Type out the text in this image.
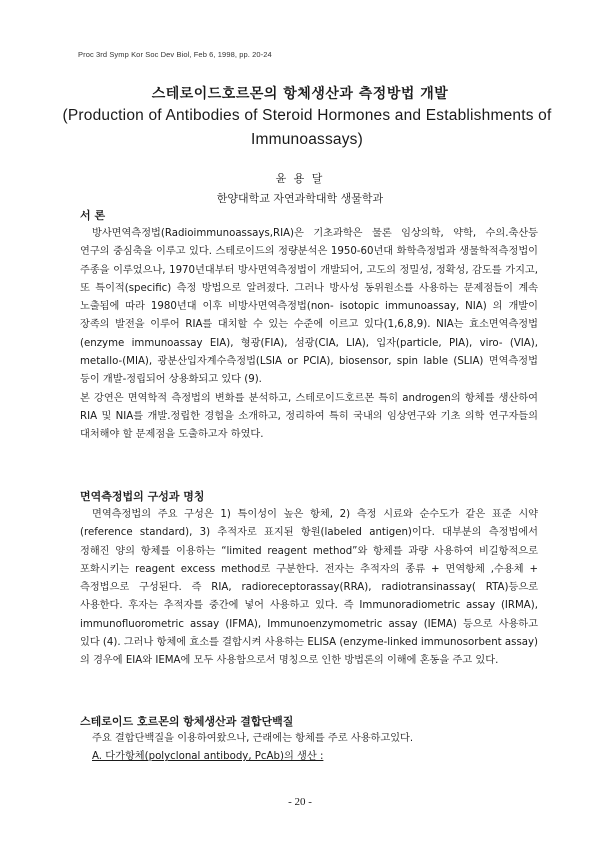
Proc 3rd Symp Kor Soc Dev Biol, Feb 6, 1998, pp. 20-24
스테로이드호르몬의 항체생산과 측정방법 개발
(Production of Antibodies of Steroid Hormones and Establishments of Immunoassays)
윤 용 달
한양대학교 자연과학대학 생물학과
서 론

방사면역측정법(Radioimmunoassays,RIA)은 기초과학은 물론 임상의학, 약학, 수의.축산등 연구의 중심축을 이루고 있다. 스테로이드의 정량분석은 1950-60년대 화학측정법과 생물학적측정법이 주종을 이루었으나, 1970년대부터 방사면역측정법이 개발되어, 고도의 정밀성, 정확성, 감도를 가지고, 또 특이적(specific) 측정 방법으로 알려졌다. 그러나 방사성 동위원소를 사용하는 문제점들이 계속 노출됨에 따라 1980년대 이후 비방사면역측정법(non- isotopic immunoassay, NIA) 의 개발이 장족의 발전을 이루어 RIA를 대치할 수 있는 수준에 이르고 있다(1,6,8,9). NIA는 효소면역측정법 (enzyme immunoassay EIA), 형광(FIA), 섬광(CIA, LIA), 입자(particle, PIA), viro- (VIA), metallo-(MIA), 광분산입자계수측정법(LSIA or PCIA), biosensor, spin lable (SLIA) 면역측정법 등이 개발-정립되어 상용화되고 있다 (9).

본 강연은 면역학적 측정법의 변화를 분석하고, 스테로이드호르몬 특히 androgen의 항체를 생산하여 RIA 및 NIA를 개발.정립한 경험을 소개하고, 정리하여 특히 국내의 임상연구와 기초 의학 연구자들의 대처해야 할 문제점을 도출하고자 하였다.

면역측정법의 구성과 명칭

면역측정법의 주요 구성은 1) 특이성이 높은 항체, 2) 측정 시료와 순수도가 같은 표준 시약(reference standard), 3) 추적자로 표지된 항원(labeled antigen)이다. 대부분의 측정법에서 정해진 양의 항체를 이용하는 “limited reagent method”와 항체를 과량 사용하여 비길항적으로 포화시키는 reagent excess method로 구분한다. 전자는 추적자의 종류 + 면역항체 ,수용체 + 측정법으로 구성된다. 즉 RIA, radioreceptorassay(RRA), radiotransinassay( RTA)등으로 사용한다. 후자는 추적자를 중간에 넣어 사용하고 있다. 즉 Immunoradiometric assay (IRMA), immunofluorometric assay (IFMA), Immunoenzymometric assay (IEMA) 등으로 사용하고 있다 (4). 그러나 항체에 효소를 결합시켜 사용하는 ELISA (enzyme-linked immunosorbent assay)의 경우에 EIA와 IEMA에 모두 사용함으로서 명칭으로 인한 방법론의 이해에 혼동을 주고 있다.

스테로이드 호르몬의 항체생산과 결합단백질

주요 결합단백질을 이용하여왔으나, 근래에는 항체를 주로 사용하고있다.

A. 다가항체(polyclonal antibody, PcAb)의 생산 :

- 20 -
